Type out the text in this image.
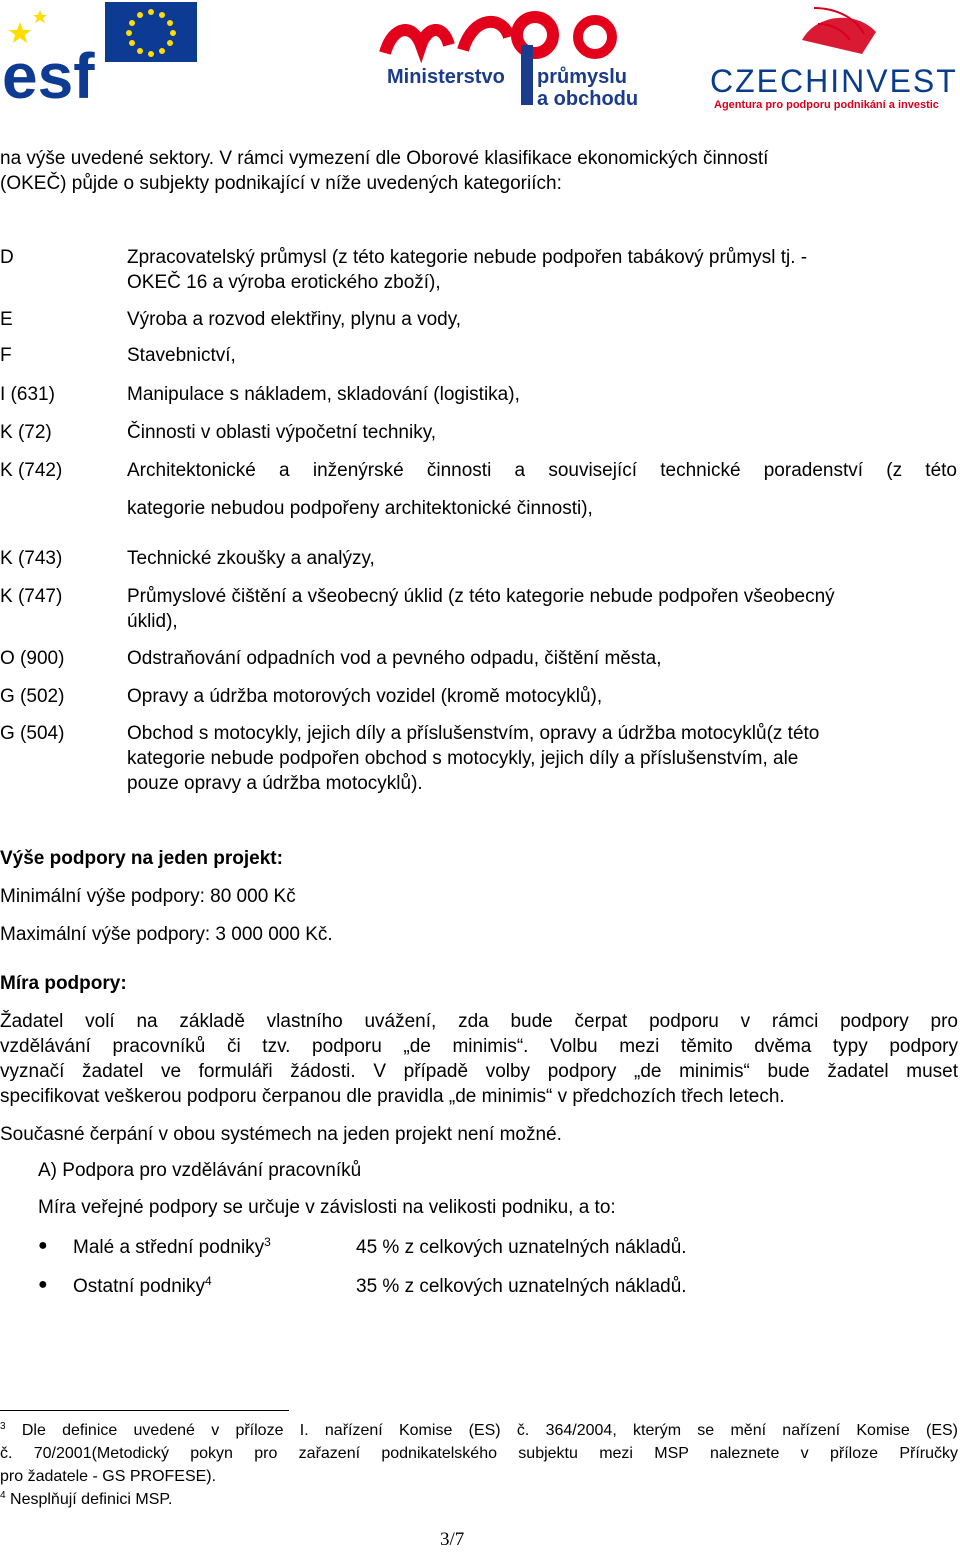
esf	Ministerstvo průmyslu
a obchodu CZECHINVEST
Agentura pro podporu podnikání a investic
na výše uvedené sektory. V rámci vymezení dle Oborové klasifikace ekonomických činností
(OKEČ) půjde o subjekty podnikající v níže uvedených kategoriích:
D	Zpracovatelský průmysl (z této kategorie nebude podpořen tabákový průmysl tj. -
OKEČ 16 a výroba erotického zboží),
E	Výroba a rozvod elektřiny, plynu a vody,
F	Stavebnictví,
I (631)	Manipulace s nákladem, skladování (logistika),
K (72)	Činnosti v oblasti výpočetní techniky,
K (742)	Architektonické a inženýrské činnosti a související technické poradenství (z této
kategorie nebudou podpořeny architektonické činnosti),
K (743)	Technické zkoušky a analýzy,
K (747)	Průmyslové čištění a všeobecný úklid (z této kategorie nebude podpořen všeobecný
úklid),
O (900)	Odstraňování odpadních vod a pevného odpadu, čištění města,
G (502)	Opravy a údržba motorových vozidel (kromě motocyklů),
G (504)	Obchod s motocykly, jejich díly a příslušenstvím, opravy a údržba motocyklů(z této
kategorie nebude podpořen obchod s motocykly, jejich díly a příslušenstvím, ale
pouze opravy a údržba motocyklů).
Výše podpory na jeden projekt:
Minimální výše podpory: 80 000 Kč
Maximální výše podpory: 3 000 000 Kč.
Míra podpory:
Žadatel volí na základě vlastního uvážení, zda bude čerpat podporu v rámci podpory pro
vzdělávání pracovníků či tzv. podporu „de minimis“. Volbu mezi těmito dvěma typy podpory
vyznačí žadatel ve formuláři žádosti. V případě volby podpory „de minimis“ bude žadatel muset
specifikovat veškerou podporu čerpanou dle pravidla „de minimis“ v předchozích třech letech.
Současné čerpání v obou systémech na jeden projekt není možné.
A) Podpora pro vzdělávání pracovníků
Míra veřejné podpory se určuje v závislosti na velikosti podniku, a to:
● Malé a střední podniky$^3$	45 % z celkových uznatelných nákladů.
● Ostatní podniky$^4$	35 % z celkových uznatelných nákladů.
$^3$ Dle definice uvedené v příloze I. nařízení Komise (ES) č. 364/2004, kterým se mění nařízení Komise (ES)
č. 70/2001(Metodický pokyn pro zařazení podnikatelského subjektu mezi MSP naleznete v příloze Příručky
pro žadatele - GS PROFESE).
$^4$ Nesplňují definici MSP.
3/7
